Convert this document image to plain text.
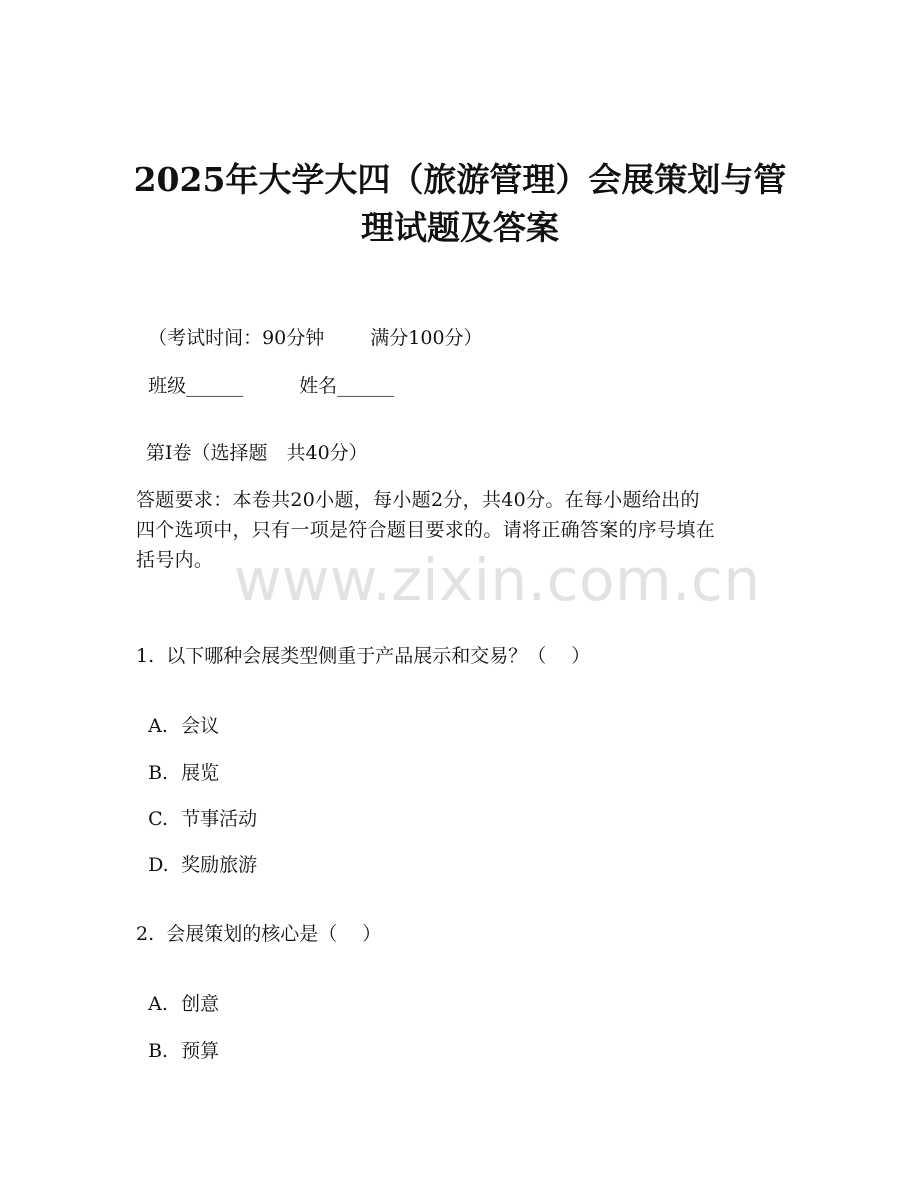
2025年大学大四（旅游管理）会展策划与管
理试题及答案

（考试时间：90分钟 满分100分）

班级______	姓名______

第I卷（选择题　共40分）
答题要求：本卷共20小题，每小题2分，共40分。在每小题给出的
四个选项中，只有一项是符合题目要求的。请将正确答案的序号填在
括号内。 www.zixin.com.cn
1.  以下哪种会展类型侧重于产品展示和交易？（　 ）

A. 会议

B. 展览

C. 节事活动

D. 奖励旅游

2.  会展策划的核心是（　 ）

A. 创意

B. 预算
